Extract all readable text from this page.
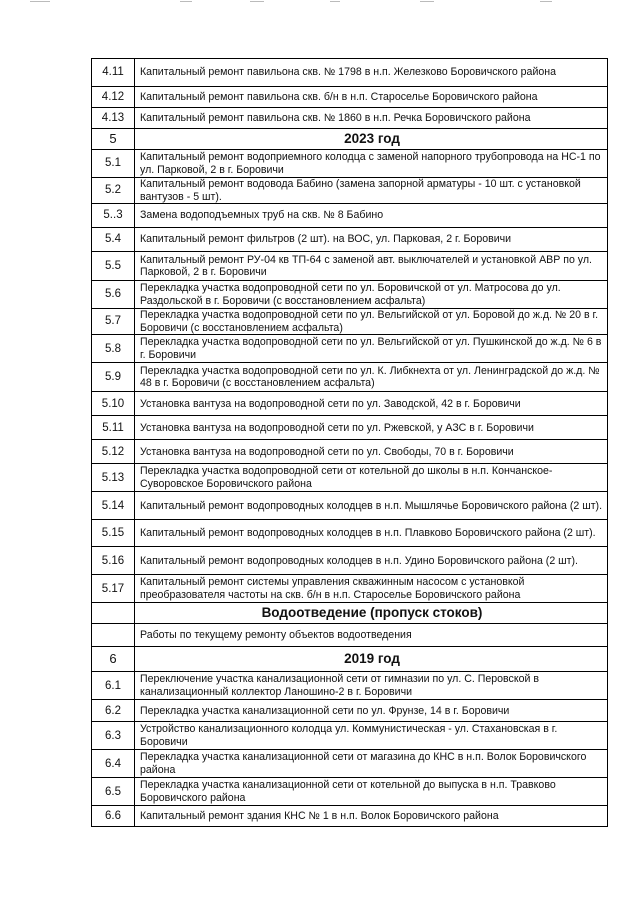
4.11	Капитальный ремонт павильона скв. № 1798 в н.п. Железково Боровичского района
4.12	Капитальный ремонт павильона скв. б/н в н.п. Староселье Боровичского района
4.13	Капитальный ремонт павильона скв. № 1860 в н.п. Речка Боровичского района
5	2023 год
5.1	Капитальный ремонт водоприемного колодца с заменой напорного трубопровода на НС-1 по ул. Парковой, 2 в г. Боровичи
5.2	Капитальный ремонт водовода Бабино (замена запорной арматуры - 10 шт. с установкой вантузов - 5 шт).
5..3	Замена водоподъемных труб на скв. № 8 Бабино
5.4	Капитальный ремонт фильтров (2 шт). на ВОС, ул. Парковая, 2 г. Боровичи
5.5	Капитальный ремонт РУ-04 кв ТП-64 с заменой авт. выключателей и установкой АВР по ул. Парковой, 2 в г. Боровичи
5.6	Перекладка участка водопроводной сети по ул. Боровичской от ул. Матросова до ул. Раздольской в г. Боровичи (с восстановлением асфальта)
5.7	Перекладка участка водопроводной сети по ул. Вельгийской от ул. Боровой до ж.д. № 20 в г. Боровичи (с восстановлением асфальта)
5.8	Перекладка участка водопроводной сети по ул. Вельгийской от ул. Пушкинской до ж.д. № 6 в г. Боровичи
5.9	Перекладка участка водопроводной сети по ул. К. Либкнехта от ул. Ленинградской до ж.д. № 48 в г. Боровичи (с восстановлением асфальта)
5.10	Установка вантуза на водопроводной сети по ул. Заводской, 42 в г. Боровичи
5.11	Установка вантуза на водопроводной сети по ул. Ржевской, у АЗС в г. Боровичи
5.12	Установка вантуза на водопроводной сети по ул. Свободы, 70 в г. Боровичи
5.13	Перекладка участка водопроводной сети от котельной до школы в н.п. Кончанское-Суворовское Боровичского района
5.14	Капитальный ремонт водопроводных колодцев в н.п. Мышлячье Боровичского района (2 шт).
5.15	Капитальный ремонт водопроводных колодцев в н.п. Плавково Боровичского района (2 шт).
5.16	Капитальный ремонт водопроводных колодцев в н.п. Удино Боровичского района (2 шт).
5.17	Капитальный ремонт системы управления скважинным насосом с установкой преобразователя частоты на скв. б/н в н.п. Староселье Боровичского района
	Водоотведение (пропуск стоков)
	Работы по текущему ремонту объектов водоотведения
6	2019 год
6.1	Переключение участка канализационной сети от гимназии по ул. С. Перовской в канализационный коллектор Ланошино-2 в г. Боровичи
6.2	Перекладка участка канализационной сети по ул. Фрунзе, 14 в г. Боровичи
6.3	Устройство канализационного колодца ул. Коммунистическая - ул. Стахановская в г. Боровичи
6.4	Перекладка участка канализационной сети от магазина до КНС в н.п. Волок Боровичского района
6.5	Перекладка участка канализационной сети от котельной до выпуска в н.п. Травково Боровичского района
6.6	Капитальный ремонт здания КНС № 1 в н.п. Волок Боровичского района
